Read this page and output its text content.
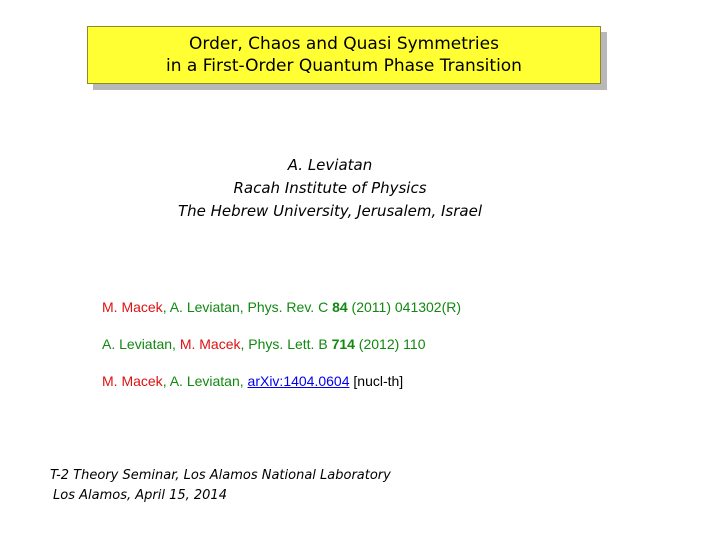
Order, Chaos and Quasi Symmetries
in a First-Order Quantum Phase Transition
A. Leviatan
Racah Institute of Physics
The Hebrew University, Jerusalem, Israel
M. Macek, A. Leviatan, Phys. Rev. C 84 (2011) 041302(R)
A. Leviatan, M. Macek, Phys. Lett. B 714 (2012) 110
M. Macek, A. Leviatan, arXiv:1404.0604 [nucl-th]
T-2 Theory Seminar, Los Alamos National Laboratory
Los Alamos, April 15, 2014
